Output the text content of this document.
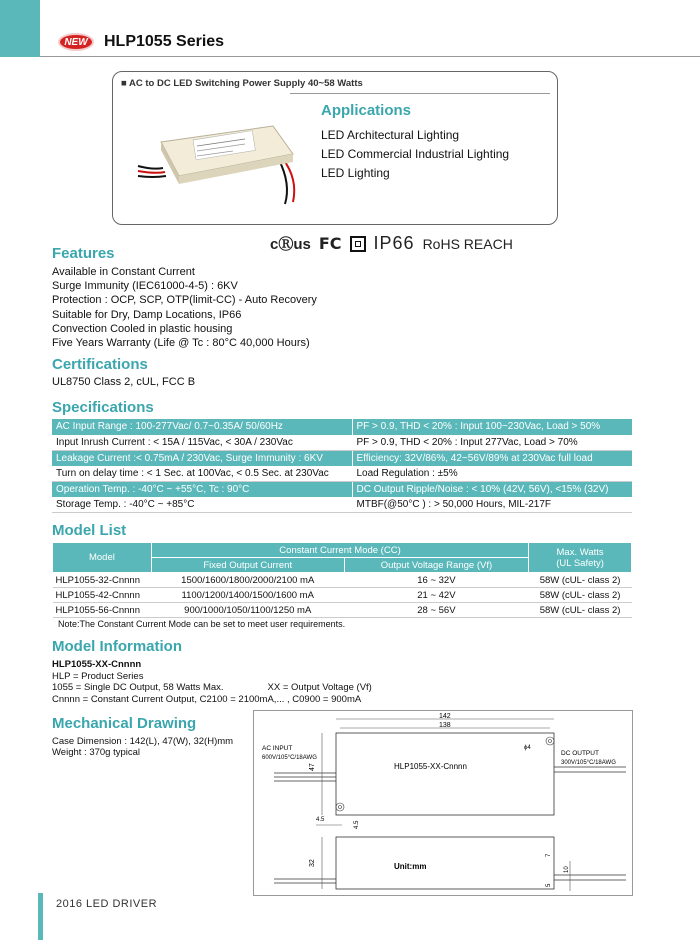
NEW	HLP1055 Series
■ AC to DC LED Switching Power Supply 40~58 Watts
Applications
LED Architectural Lighting
LED Commercial Industrial Lighting
LED Lighting
cⓇus FC IP66 RoHS REACH
Features
Available in Constant Current
Surge Immunity (IEC61000-4-5) : 6KV
Protection : OCP, SCP, OTP(limit-CC) - Auto Recovery
Suitable for Dry, Damp Locations, IP66
Convection Cooled in plastic housing
Five Years Warranty (Life @ Tc : 80°C 40,000 Hours)
Certifications
UL8750 Class 2, cUL, FCC B
Specifications
AC Input Range : 100-277Vac/ 0.7~0.35A/ 50/60Hz	PF > 0.9, THD < 20% : Input 100~230Vac, Load > 50%
Input Inrush Current : < 15A / 115Vac, < 30A / 230Vac	PF > 0.9, THD < 20% : Input 277Vac, Load > 70%
Leakage Current :< 0.75mA / 230Vac, Surge Immunity : 6KV	Efficiency: 32V/86%, 42~56V/89% at 230Vac full load
Turn on delay time : < 1 Sec. at 100Vac, < 0.5 Sec. at 230Vac	Load Regulation : ±5%
Operation Temp. : -40°C ~ +55°C, Tc : 90°C	DC Output Ripple/Noise : < 10% (42V, 56V), <15% (32V)
Storage Temp. : -40°C ~ +85°C	MTBF(@50°C ) : > 50,000 Hours, MIL-217F
Model List
Model	Constant Current Mode (CC)		Max. Watts
(UL Safety)
	Fixed Output Current	Output Voltage Range (Vf)	
HLP1055-32-Cnnnn	1500/1600/1800/2000/2100 mA	16 ~ 32V	58W (cUL- class 2)
HLP1055-42-Cnnnn	1100/1200/1400/1500/1600 mA	21 ~ 42V	58W (cUL- class 2)
HLP1055-56-Cnnnn	900/1000/1050/1100/1250 mA	28 ~ 56V	58W (cUL- class 2)
Note:The Constant Current Mode can be set to meet user requirements.
Model Information
HLP1055-XX-Cnnnn
HLP = Product Series
1055 = Single DC Output, 58 Watts Max.	XX = Output Voltage (Vf)
Cnnnn = Constant Current Output, C2100 = 2100mA,... , C0900 = 900mA
Mechanical Drawing
Case Dimension : 142(L), 47(W), 32(H)mm
Weight : 370g typical
142
138
ϕ4
47
AC INPUT
600V/105°C/18AWG
DC OUTPUT
300V/105°C/18AWG
HLP1055-XX-Cnnnn
4.5
4.5
32	Unit:mm	10
7
5
2016 LED DRIVER
